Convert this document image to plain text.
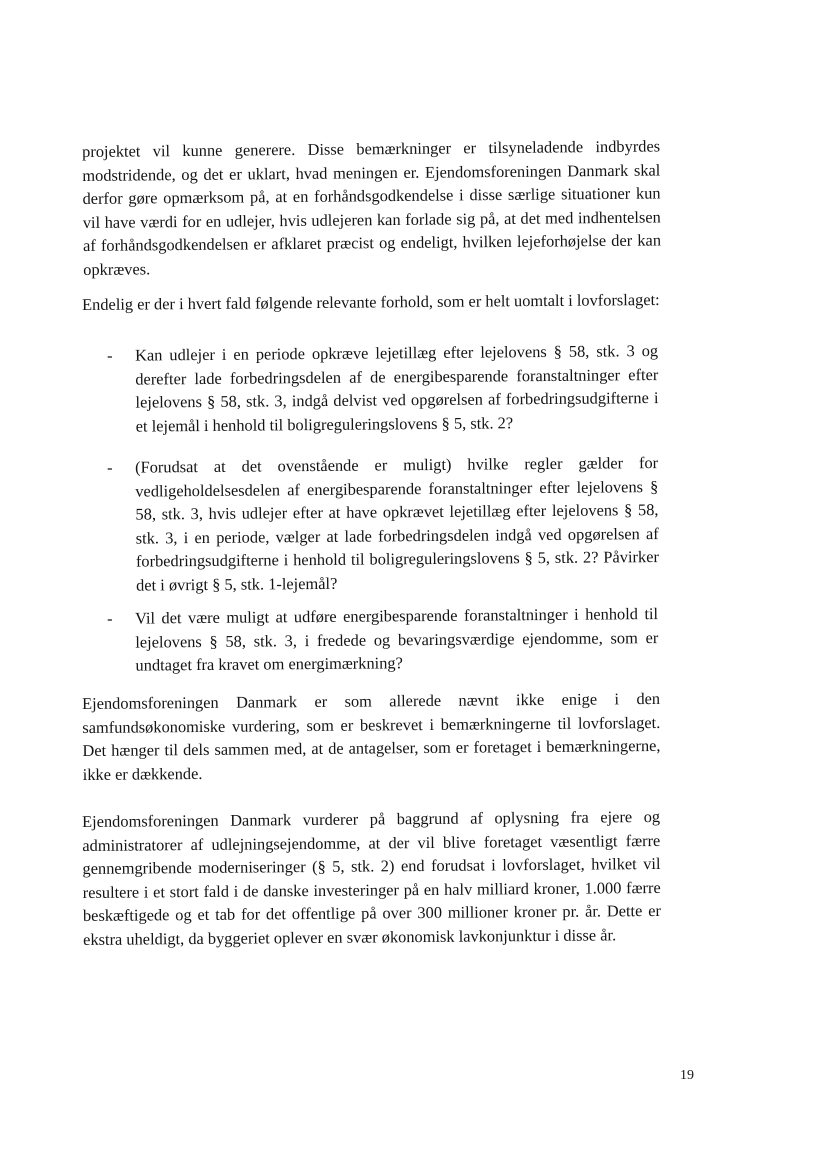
projektet vil kunne generere. Disse bemærkninger er tilsyneladende indbyrdes modstridende, og det er uklart, hvad meningen er. Ejendomsforeningen Danmark skal derfor gøre opmærksom på, at en forhåndsgodkendelse i disse særlige situationer kun vil have værdi for en udlejer, hvis udlejeren kan forlade sig på, at det med indhentelsen af forhåndsgodkendelsen er afklaret præcist og endeligt, hvilken lejeforhøjelse der kan opkræves.

Endelig er der i hvert fald følgende relevante forhold, som er helt uomtalt i lovforslaget:

- Kan udlejer i en periode opkræve lejetillæg efter lejelovens § 58, stk. 3 og derefter lade forbedringsdelen af de energibesparende foranstaltninger efter lejelovens § 58, stk. 3, indgå delvist ved opgørelsen af forbedringsudgifterne i et lejemål i henhold til boligreguleringslovens § 5, stk. 2?
- (Forudsat at det ovenstående er muligt) hvilke regler gælder for vedligeholdelsesdelen af energibesparende foranstaltninger efter lejelovens § 58, stk. 3, hvis udlejer efter at have opkrævet lejetillæg efter lejelovens § 58, stk. 3, i en periode, vælger at lade forbedringsdelen indgå ved opgørelsen af forbedringsudgifterne i henhold til boligreguleringslovens § 5, stk. 2? Påvirker det i øvrigt § 5, stk. 1-lejemål?
- Vil det være muligt at udføre energibesparende foranstaltninger i henhold til lejelovens § 58, stk. 3, i fredede og bevaringsværdige ejendomme, som er undtaget fra kravet om energimærkning?

Ejendomsforeningen Danmark er som allerede nævnt ikke enige i den samfundsøkonomiske vurdering, som er beskrevet i bemærkningerne til lovforslaget. Det hænger til dels sammen med, at de antagelser, som er foretaget i bemærkningerne, ikke er dækkende.

Ejendomsforeningen Danmark vurderer på baggrund af oplysning fra ejere og administratorer af udlejningsejendomme, at der vil blive foretaget væsentligt færre gennemgribende moderniseringer (§ 5, stk. 2) end forudsat i lovforslaget, hvilket vil resultere i et stort fald i de danske investeringer på en halv milliard kroner, 1.000 færre beskæftigede og et tab for det offentlige på over 300 millioner kroner pr. år. Dette er ekstra uheldigt, da byggeriet oplever en svær økonomisk lavkonjunktur i disse år.

19
